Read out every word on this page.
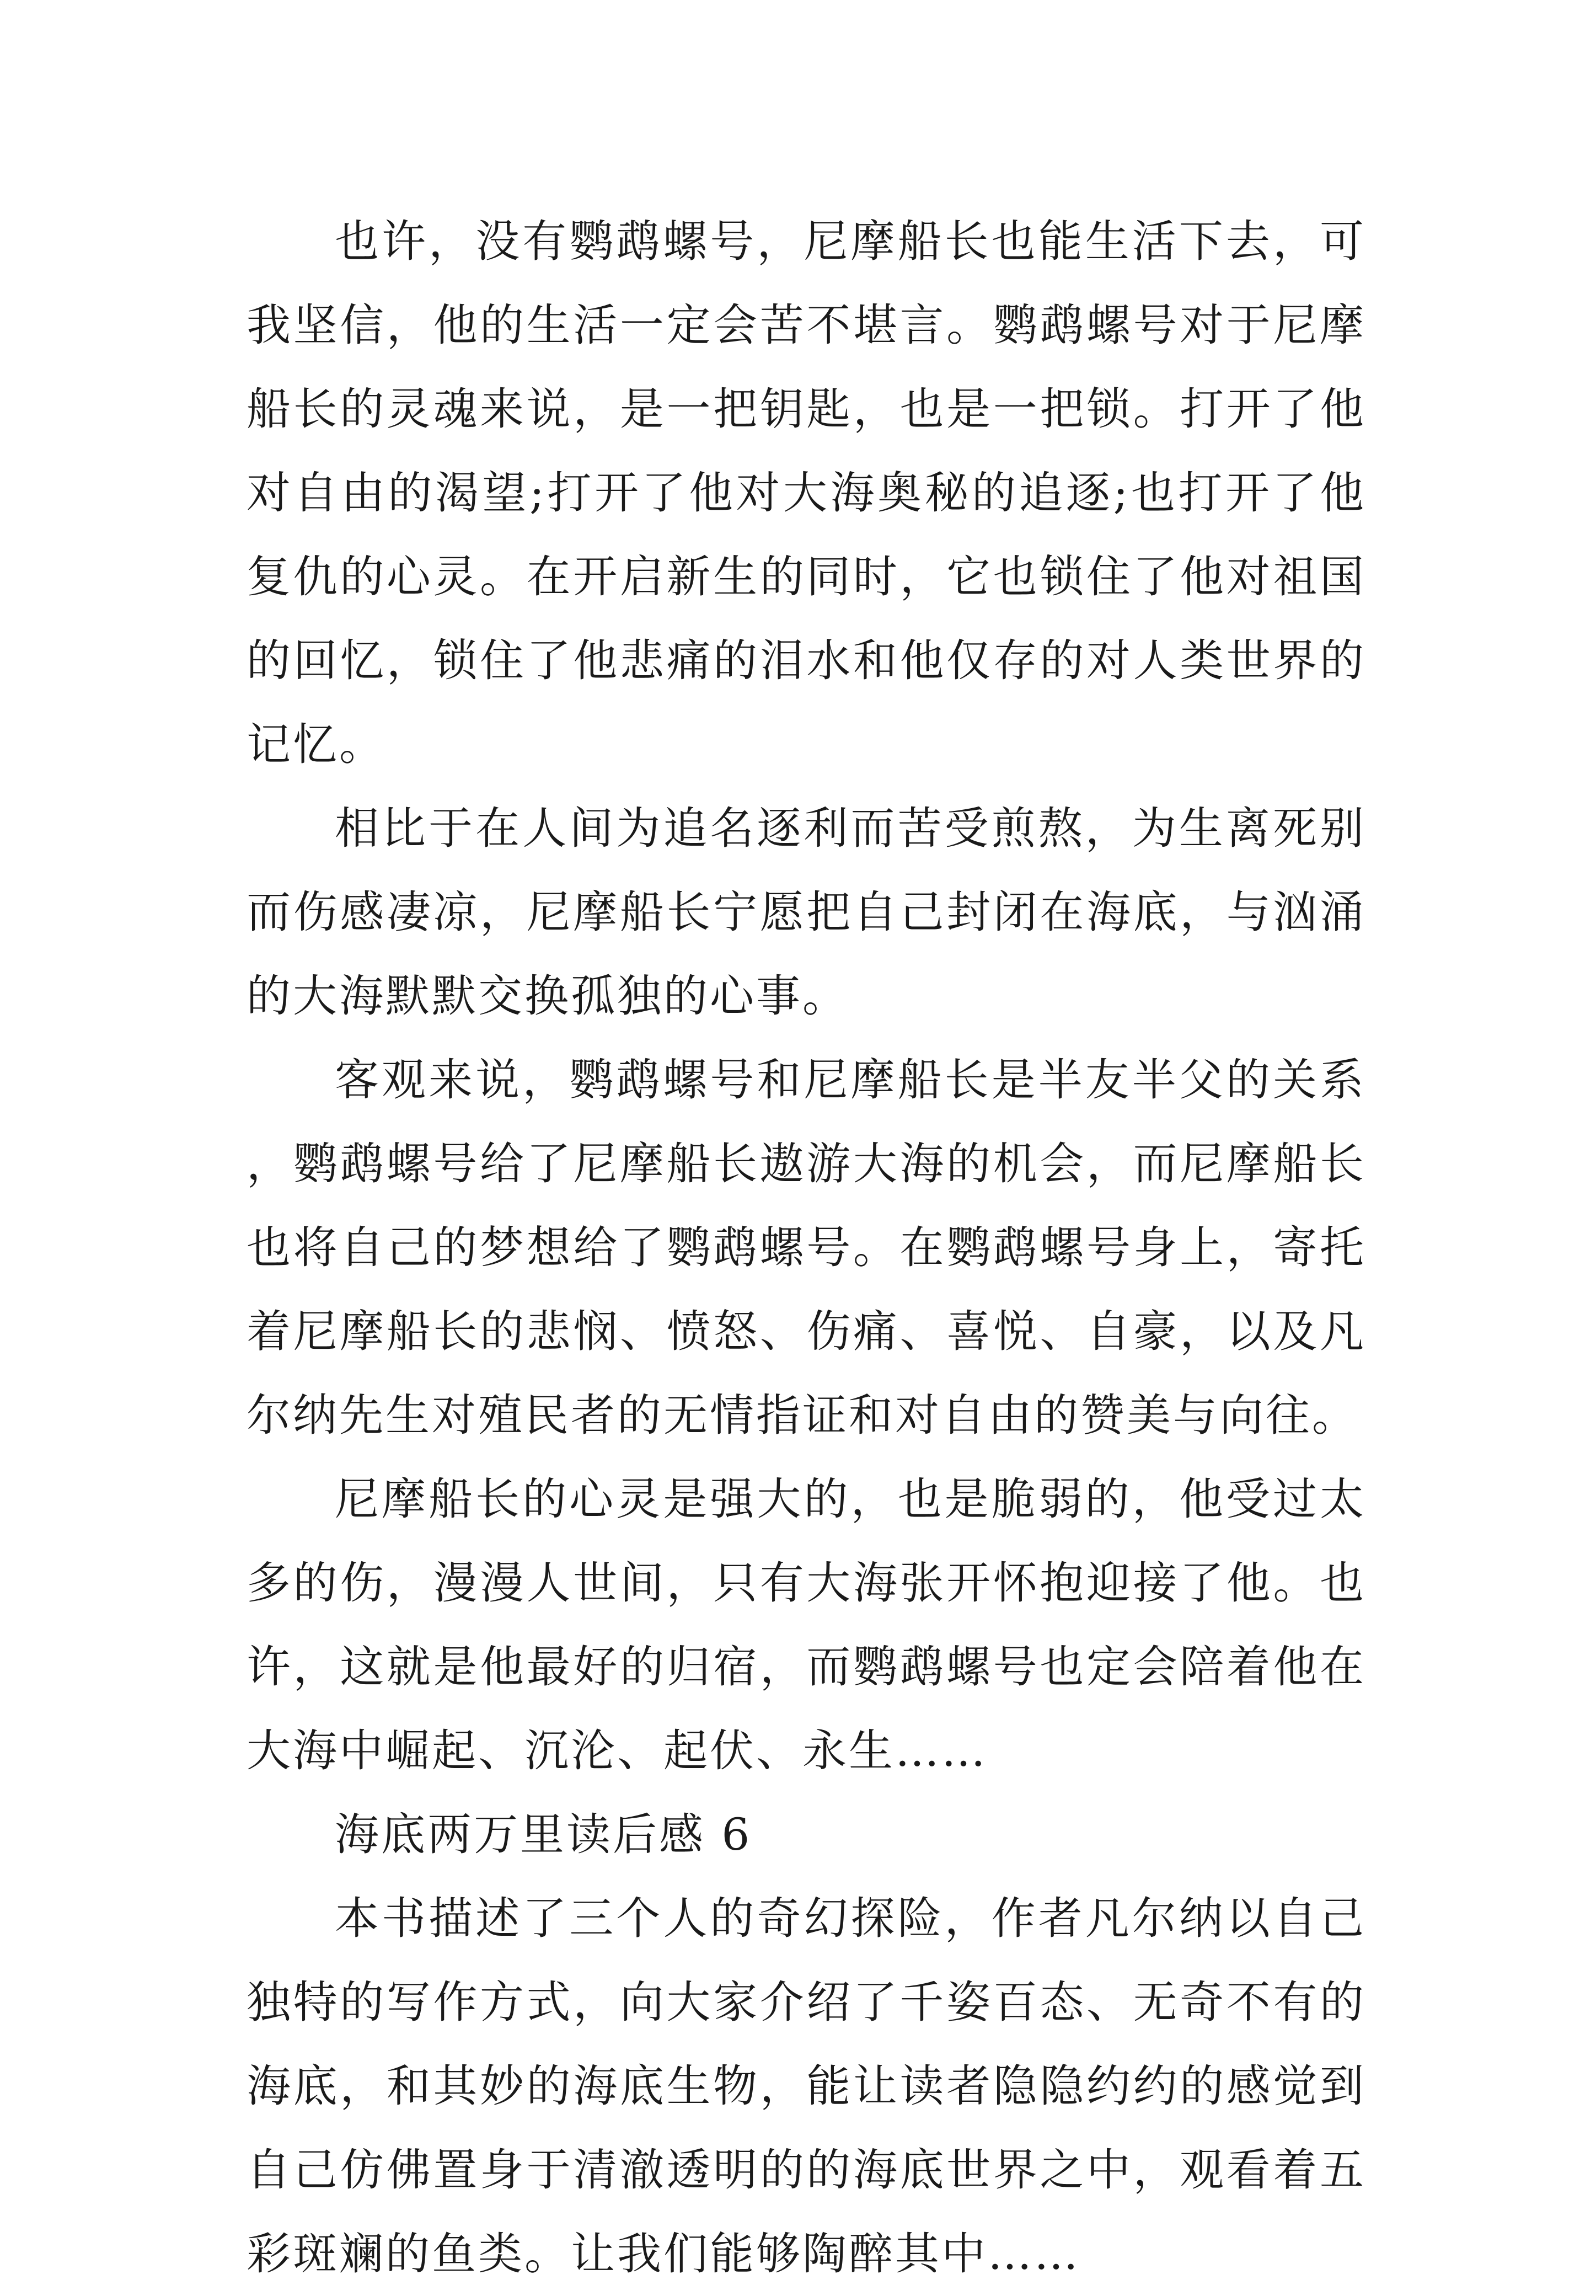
也许，没有鹦鹉螺号，尼摩船长也能生活下去，可我坚信，他的生活一定会苦不堪言。鹦鹉螺号对于尼摩船长的灵魂来说，是一把钥匙，也是一把锁。打开了他对自由的渴望;打开了他对大海奥秘的追逐;也打开了他复仇的心灵。在开启新生的同时，它也锁住了他对祖国的回忆，锁住了他悲痛的泪水和他仅存的对人类世界的记忆。

相比于在人间为追名逐利而苦受煎熬，为生离死别而伤感凄凉，尼摩船长宁愿把自己封闭在海底，与汹涌的大海默默交换孤独的心事。

客观来说，鹦鹉螺号和尼摩船长是半友半父的关系，鹦鹉螺号给了尼摩船长遨游大海的机会，而尼摩船长也将自己的梦想给了鹦鹉螺号。在鹦鹉螺号身上，寄托着尼摩船长的悲悯、愤怒、伤痛、喜悦、自豪，以及凡尔纳先生对殖民者的无情指证和对自由的赞美与向往。

尼摩船长的心灵是强大的，也是脆弱的，他受过太多的伤，漫漫人世间，只有大海张开怀抱迎接了他。也许，这就是他最好的归宿，而鹦鹉螺号也定会陪着他在大海中崛起、沉沦、起伏、永生……

海底两万里读后感 6

本书描述了三个人的奇幻探险，作者凡尔纳以自己独特的写作方式，向大家介绍了千姿百态、无奇不有的海底，和其妙的海底生物，能让读者隐隐约约的感觉到自己仿佛置身于清澈透明的的海底世界之中，观看着五彩斑斓的鱼类。让我们能够陶醉其中……
